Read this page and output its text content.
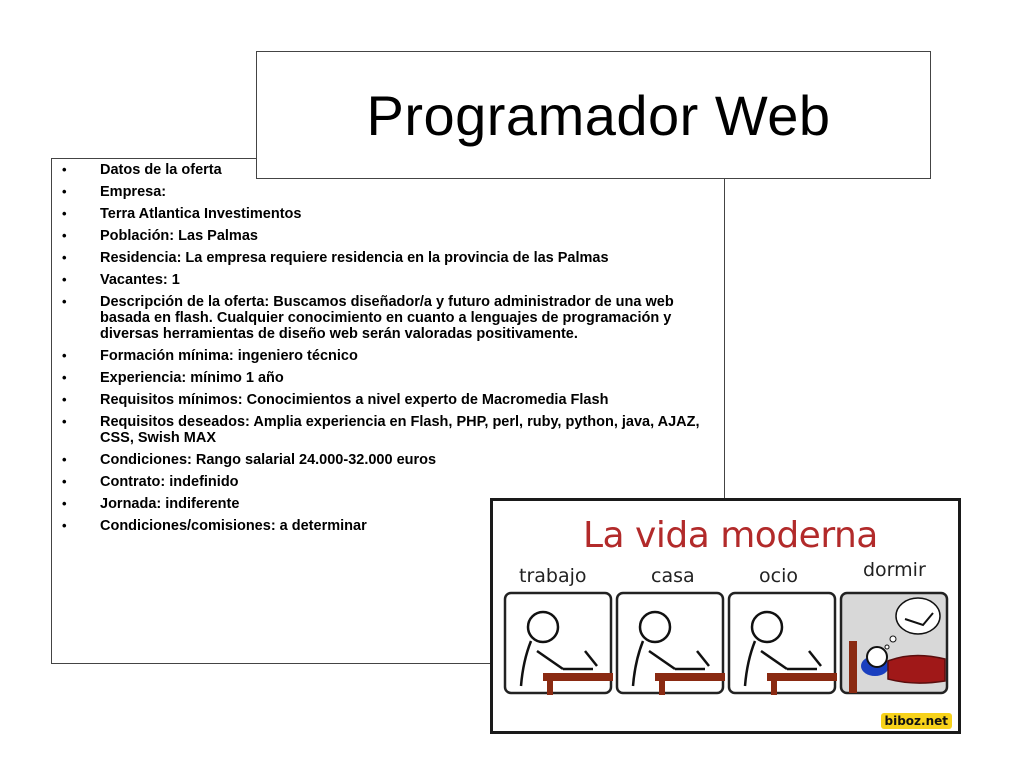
Programador Web
• Datos de la oferta
• Empresa:
• Terra Atlantica Investimentos
• Población: Las Palmas
• Residencia: La empresa requiere residencia en la provincia de las Palmas
• Vacantes: 1
• Descripción de la oferta: Buscamos diseñador/a y futuro administrador de una web basada en flash. Cualquier conocimiento en cuanto a lenguajes de programación y diversas herramientas de diseño web serán valoradas positivamente.
• Formación mínima: ingeniero técnico
• Experiencia: mínimo 1 año
• Requisitos mínimos: Conocimientos a nivel experto de Macromedia Flash
• Requisitos deseados: Amplia experiencia en Flash, PHP, perl, ruby, python, java, AJAZ, CSS, Swish MAX
• Condiciones: Rango salarial 24.000-32.000 euros
• Contrato: indefinido
• Jornada: indiferente
• Condiciones/comisiones: a determinar	La vida moderna
trabajo	casa	ocio	dormir
biboz.net
